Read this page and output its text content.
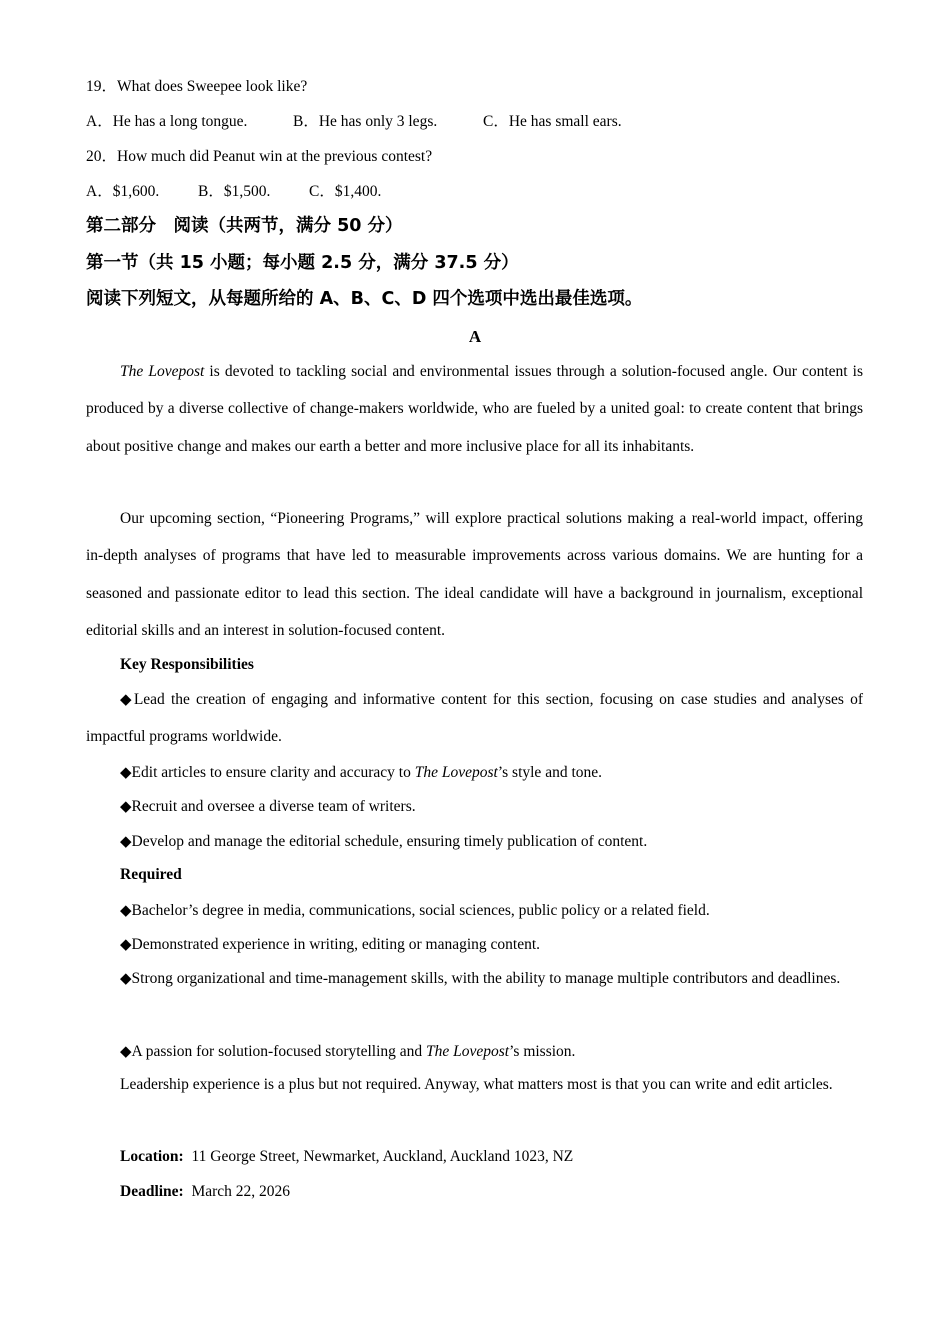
19．What does Sweepee look like?
A．He has a long tongue.	B．He has only 3 legs.	C．He has small ears.
20．How much did Peanut win at the previous contest?
A．$1,600.	B．$1,500. C．$1,400.
第二部分　阅读（共两节，满分 50 分）
第一节（共 15 小题；每小题 2.5 分，满分 37.5 分）
阅读下列短文，从每题所给的 A、B、C、D 四个选项中选出最佳选项。
A
The Lovepost is devoted to tackling social and environmental issues through a solution-focused angle. Our content is produced by a diverse collective of change-makers worldwide, who are fueled by a united goal: to create content that brings about positive change and makes our earth a better and more inclusive place for all its inhabitants.
Our upcoming section, “Pioneering Programs,” will explore practical solutions making a real-world impact, offering in-depth analyses of programs that have led to measurable improvements across various domains. We are hunting for a seasoned and passionate editor to lead this section. The ideal candidate will have a background in journalism, exceptional editorial skills and an interest in solution-focused content.
Key Responsibilities
◆Lead the creation of engaging and informative content for this section, focusing on case studies and analyses of impactful programs worldwide.
◆Edit articles to ensure clarity and accuracy to The Lovepost’s style and tone.
◆Recruit and oversee a diverse team of writers.
◆Develop and manage the editorial schedule, ensuring timely publication of content.
Required
◆Bachelor’s degree in media, communications, social sciences, public policy or a related field.
◆Demonstrated experience in writing, editing or managing content.
◆Strong organizational and time-management skills, with the ability to manage multiple contributors and deadlines.
◆A passion for solution-focused storytelling and The Lovepost’s mission.
Leadership experience is a plus but not required. Anyway, what matters most is that you can write and edit articles.
Location: 11 George Street, Newmarket, Auckland, Auckland 1023, NZ
Deadline: March 22, 2026
